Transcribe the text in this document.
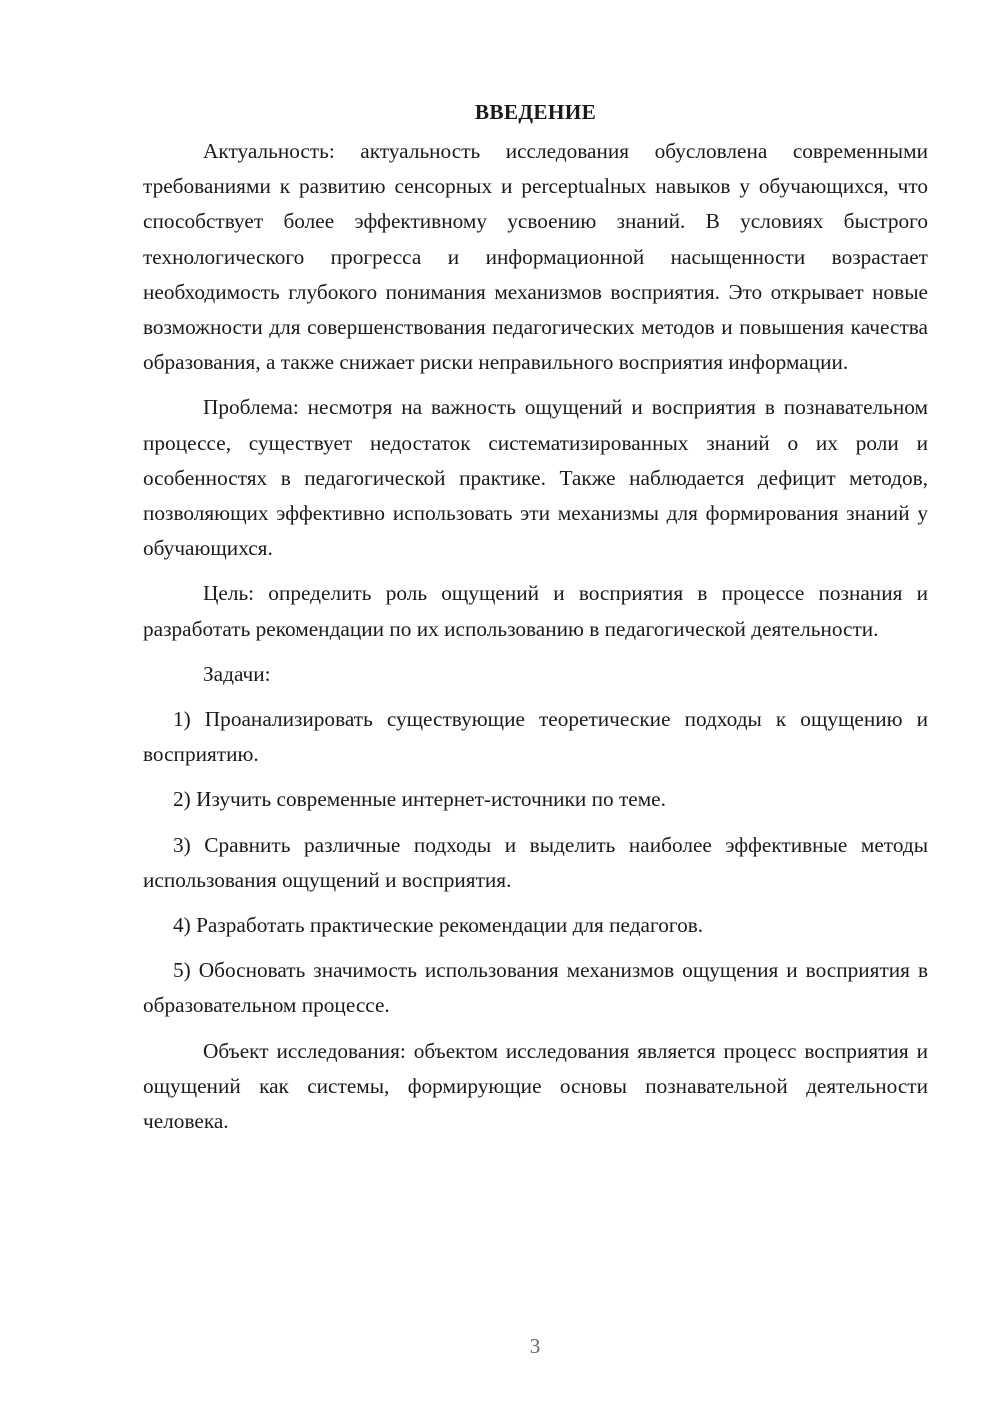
ВВЕДЕНИЕ

Актуальность: актуальность исследования обусловлена современными требованиями к развитию сенсорных и perceptualных навыков у обучающихся, что способствует более эффективному усвоению знаний. В условиях быстрого технологического прогресса и информационной насыщенности возрастает необходимость глубокого понимания механизмов восприятия. Это открывает новые возможности для совершенствования педагогических методов и повышения качества образования, а также снижает риски неправильного восприятия информации.

Проблема: несмотря на важность ощущений и восприятия в познавательном процессе, существует недостаток систематизированных знаний о их роли и особенностях в педагогической практике. Также наблюдается дефицит методов, позволяющих эффективно использовать эти механизмы для формирования знаний у обучающихся.

Цель: определить роль ощущений и восприятия в процессе познания и разработать рекомендации по их использованию в педагогической деятельности.

Задачи:

1) Проанализировать существующие теоретические подходы к ощущению и восприятию.

2) Изучить современные интернет-источники по теме.

3) Сравнить различные подходы и выделить наиболее эффективные методы использования ощущений и восприятия.

4) Разработать практические рекомендации для педагогов.

5) Обосновать значимость использования механизмов ощущения и восприятия в образовательном процессе.

Объект исследования: объектом исследования является процесс восприятия и ощущений как системы, формирующие основы познавательной деятельности человека.

3
